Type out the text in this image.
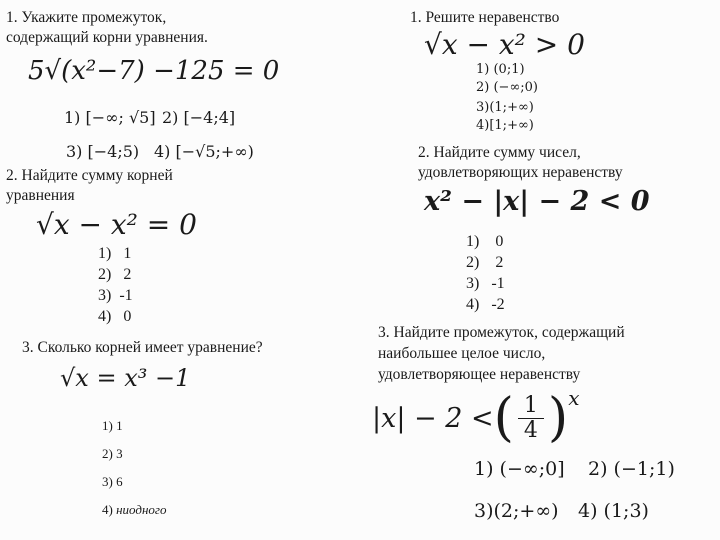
1. Укажите промежуток,
содержащий корни уравнения.
5√(x²−7) −125 = 0
1) [−∞; √5] 2) [−4;4]
3) [−4;5) 4) [−√5;+∞)
2. Найдите сумму корней
уравнения
√x − x² = 0
1)   1
2)   2
3)  -1
4)   0
3. Сколько корней имеет уравнение?
√x = x³ −1
1) 1
2) 3
3) 6
4) ниодного
1. Решите неравенство
√x − x² > 0
1) (0;1)
2) (−∞;0)
3)(1;+∞)
4)[1;+∞)
2. Найдите сумму чисел,
удовлетворяющих неравенству
x² − |x| − 2 < 0
1)    0
2)    2
3)   -1
4)   -2
3. Найдите промежуток, содержащий
наибольшее целое число,
удовлетворяющее неравенству
|x| − 2 < ( $\frac{1}{4}$ ) x
1) (−∞;0] 2) (−1;1)
3)(2;+∞) 4) (1;3)
